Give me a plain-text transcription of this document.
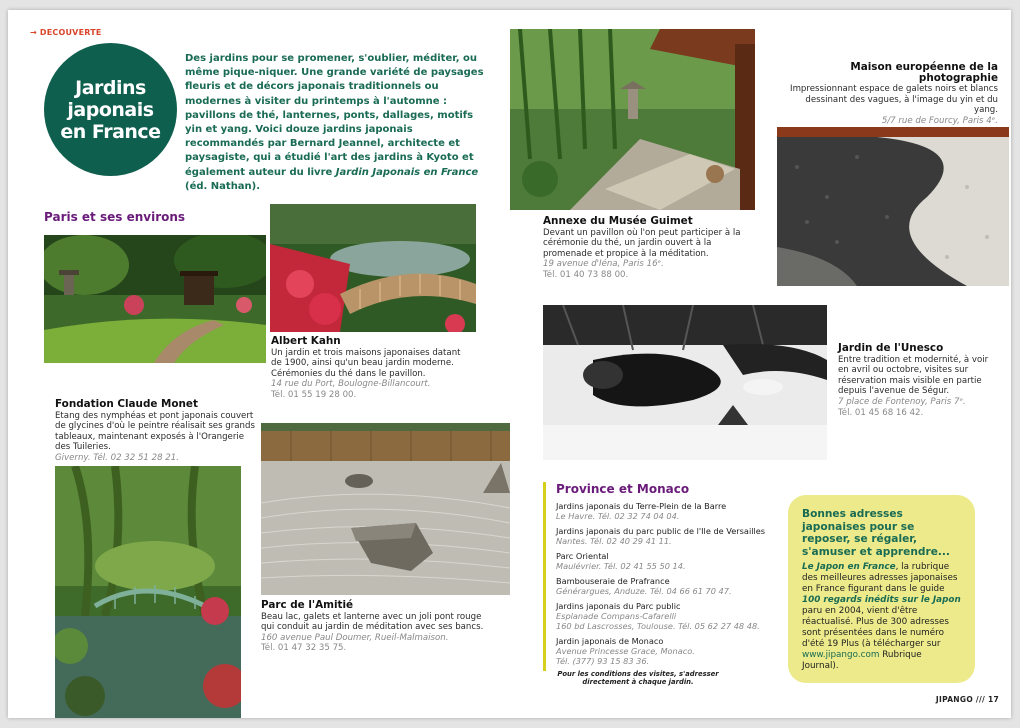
→ DECOUVERTE
Jardins
japonais
en France
Des jardins pour se promener, s'oublier, méditer, ou même pique-niquer. Une grande variété de paysages fleuris et de décors japonais traditionnels ou modernes à visiter du printemps à l'automne : pavillons de thé, lanternes, ponts, dallages, motifs yin et yang. Voici douze jardins japonais recommandés par Bernard Jeannel, architecte et paysagiste, qui a étudié l'art des jardins à Kyoto et également auteur du livre Jardin Japonais en France (éd. Nathan).
Paris et ses environs
Albert Kahn
Un jardin et trois maisons japonaises datant de 1900, ainsi qu'un beau jardin moderne. Cérémonies du thé dans le pavillon.
14 rue du Port, Boulogne-Billancourt.
Tél. 01 55 19 28 00.
Fondation Claude Monet
Etang des nymphéas et pont japonais couvert de glycines d'où le peintre réalisait ses grands tableaux, maintenant exposés à l'Orangerie des Tuileries.
Giverny. Tél. 02 32 51 28 21.
Parc de l'Amitié
Beau lac, galets et lanterne avec un joli pont rouge qui conduit au jardin de méditation avec ses bancs.
160 avenue Paul Doumer, Rueil-Malmaison.
Tél. 01 47 32 35 75.
Annexe du Musée Guimet
Devant un pavillon où l'on peut participer à la cérémonie du thé, un jardin ouvert à la promenade et propice à la méditation.
19 avenue d'Iéna, Paris 16ᵉ.
Tél. 01 40 73 88 00.
Maison européenne de la photographie
Impressionnant espace de galets noirs et blancs dessinant des vagues, à l'image du yin et du yang.
5/7 rue de Fourcy, Paris 4ᵉ.
Jardin de l'Unesco
Entre tradition et modernité, à voir en avril ou octobre, visites sur réservation mais visible en partie depuis l'avenue de Ségur.
7 place de Fontenoy, Paris 7ᵉ.
Tél. 01 45 68 16 42.
Province et Monaco
Jardins japonais du Terre-Plein de la Barre
Le Havre. Tél. 02 32 74 04 04.
Jardins japonais du parc public de l'Ile de Versailles
Nantes. Tél. 02 40 29 41 11.
Parc Oriental
Maulévrier. Tél. 02 41 55 50 14.
Bambouseraie de Prafrance
Générargues, Anduze. Tél. 04 66 61 70 47.
Jardins japonais du Parc public
Esplanade Compans-Cafarelli
160 bd Lascrosses, Toulouse. Tél. 05 62 27 48 48.
Jardin japonais de Monaco
Avenue Princesse Grace, Monaco.
Tél. (377) 93 15 83 36.
Pour les conditions des visites, s'adresser directement à chaque jardin.
Bonnes adresses japonaises pour se reposer, se régaler, s'amuser et apprendre...
Le Japon en France, la rubrique des meilleures adresses japonaises en France figurant dans le guide 100 regards inédits sur le Japon paru en 2004, vient d'être réactualisé. Plus de 300 adresses sont présentées dans le numéro d'été 19 Plus (à télécharger sur www.jipango.com Rubrique Journal).
JIPANGO /// 17
